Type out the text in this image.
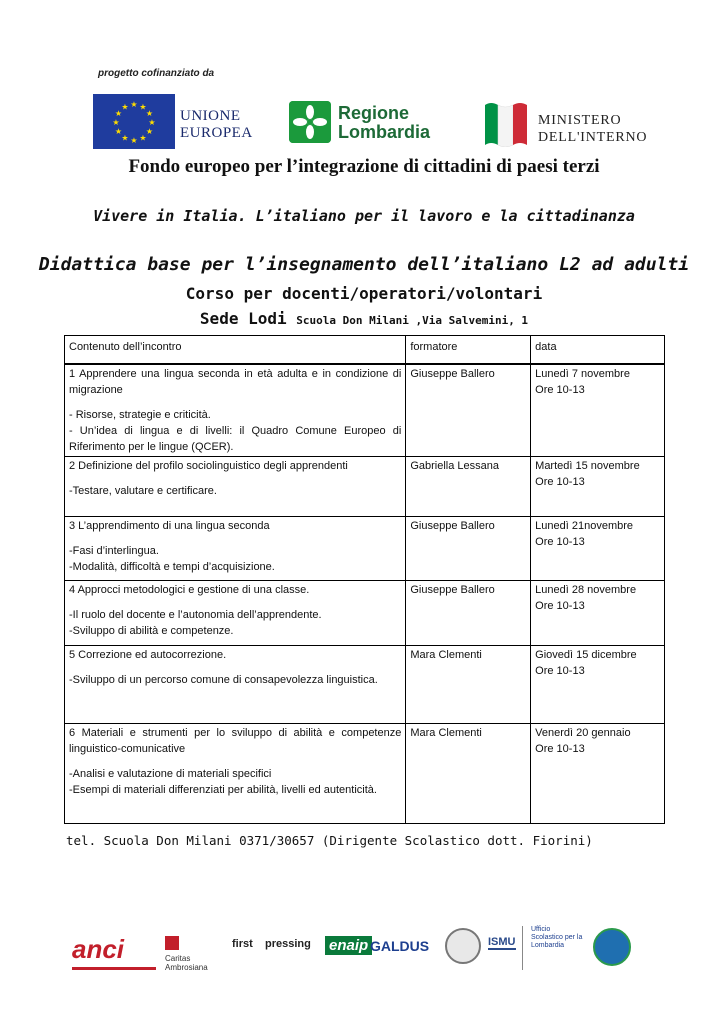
progetto cofinanziato da
★ ★
★
★
★
★
★
★
★
★
★
★
UNIONE
EUROPEA
Regione
Lombardia
MINISTERO
DELL'INTERNO
Fondo europeo per l’integrazione di cittadini di paesi terzi
Vivere in Italia. L’italiano per il lavoro e la cittadinanza
Didattica base per l’insegnamento dell’italiano L2 ad adulti
Corso per docenti/operatori/volontari
Sede Lodi Scuola Don Milani ,Via Salvemini, 1
Contenuto dell’incontro	formatore	data

1 Apprendere una lingua seconda in età adulta e in condizione di migrazione
- Risorse, strategie e criticità.
- Un’idea di lingua e di livelli: il Quadro Comune Europeo di Riferimento per le lingue (QCER).	Giuseppe Ballero	Lunedì 7 novembre
Ore 10-13

2 Definizione del profilo sociolinguistico degli apprendenti
-Testare, valutare e certificare.	Gabriella Lessana	Martedì 15 novembre
Ore 10-13

3 L’apprendimento di una lingua seconda
-Fasi d’interlingua.
-Modalità, difficoltà e tempi d’acquisizione.	Giuseppe Ballero	Lunedì 21novembre
Ore 10-13

4 Approcci metodologici e gestione di una classe.
-Il ruolo del docente e l’autonomia dell’apprendente.
-Sviluppo di abilità e competenze.	Giuseppe Ballero	Lunedì 28 novembre
Ore 10-13

5 Correzione ed autocorrezione.
-Sviluppo di un percorso comune di consapevolezza linguistica.	Mara Clementi	Giovedì 15 dicembre
Ore 10-13

6 Materiali e strumenti per lo sviluppo di abilità e competenze linguistico-comunicative
-Analisi e valutazione di materiali specifici
-Esempi di materiali differenziati per abilità, livelli ed autenticità.	Mara Clementi	Venerdì 20 gennaio
Ore 10-13
tel. Scuola Don Milani 0371/30657 (Dirigente Scolastico dott. Fiorini)
anci	Caritas Ambrosiana
first pressing enaip GALDUS	ISMU
Ufficio Scolastico per la Lombardia
